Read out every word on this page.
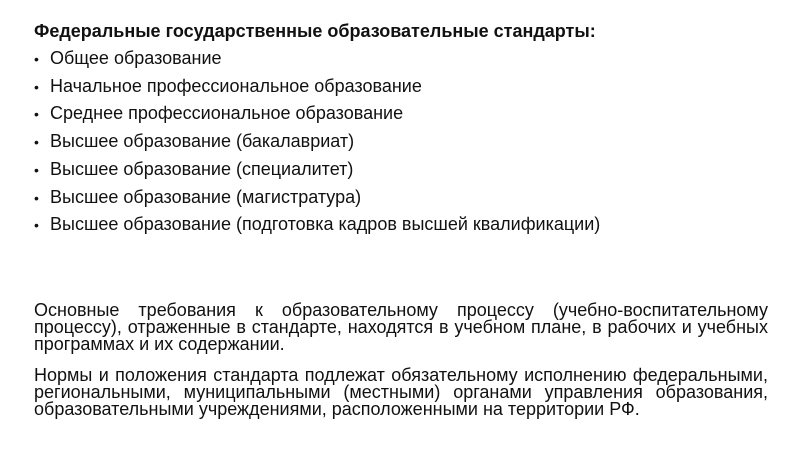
Федеральные государственные образовательные стандарты:
• Общее образование
• Начальное профессиональное образование
• Среднее профессиональное образование
• Высшее образование (бакалавриат)
• Высшее образование (специалитет)
• Высшее образование (магистратура)
• Высшее образование (подготовка кадров высшей квалификации)

Основные требования к образовательному процессу (учебно-воспитательному процессу), отраженные в стандарте, находятся в учебном плане, в рабочих и учебных программах и их содержании.

Нормы и положения стандарта подлежат обязательному исполнению федеральными, региональными, муниципальными (местными) органами управления образования, образовательными учреждениями, расположенными на территории РФ.
